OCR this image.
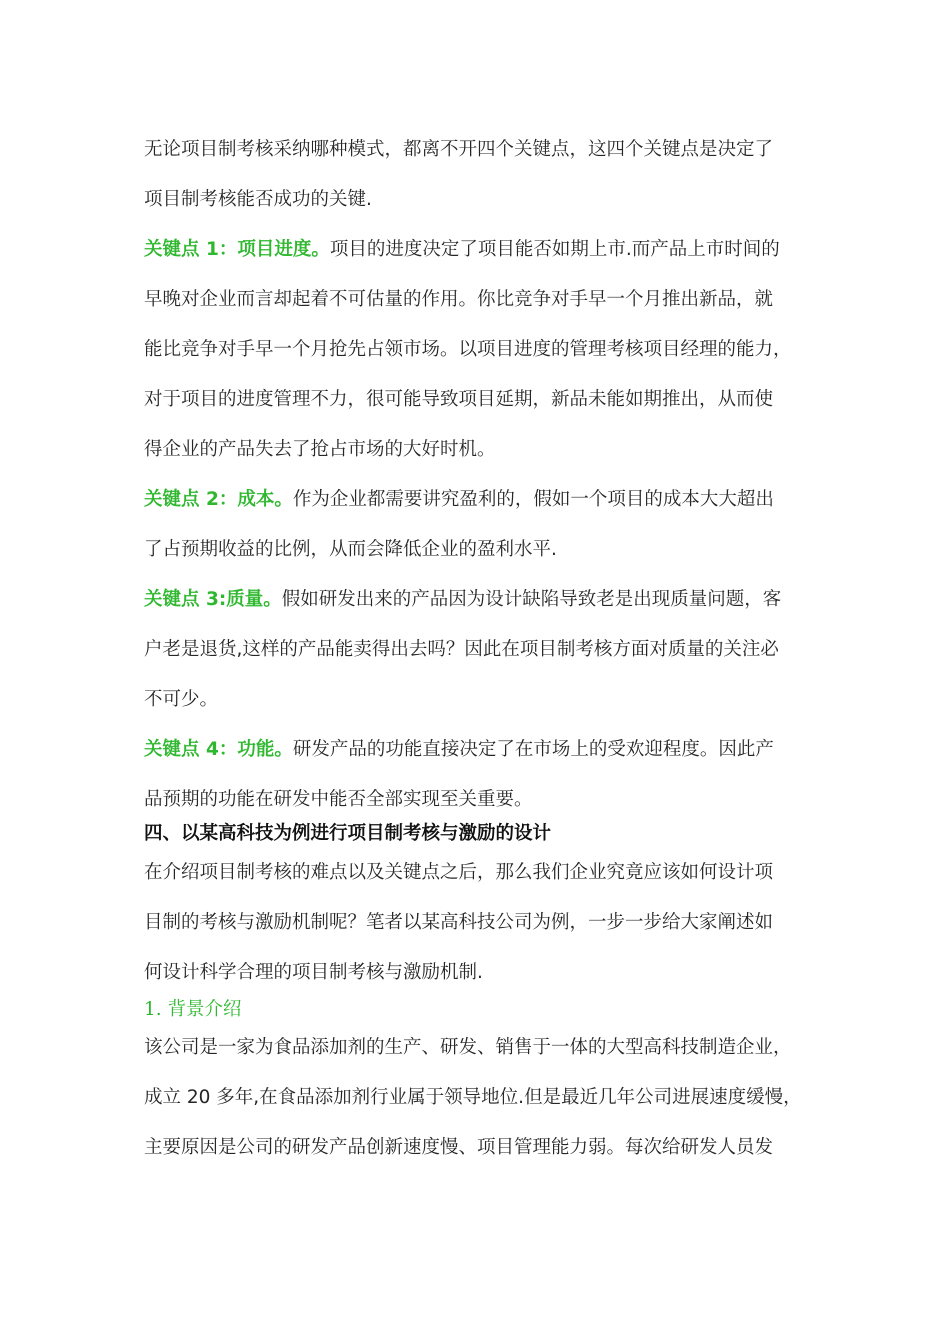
无论项目制考核采纳哪种模式，都离不开四个关键点，这四个关键点是决定了

项目制考核能否成功的关键.

关键点 1：项目进度。项目的进度决定了项目能否如期上市.而产品上市时间的

早晚对企业而言却起着不可估量的作用。你比竞争对手早一个月推出新品，就

能比竞争对手早一个月抢先占领市场。以项目进度的管理考核项目经理的能力，

对于项目的进度管理不力，很可能导致项目延期，新品未能如期推出，从而使

得企业的产品失去了抢占市场的大好时机。

关键点 2：成本。作为企业都需要讲究盈利的，假如一个项目的成本大大超出

了占预期收益的比例，从而会降低企业的盈利水平.

关键点 3:质量。假如研发出来的产品因为设计缺陷导致老是出现质量问题，客

户老是退货,这样的产品能卖得出去吗？因此在项目制考核方面对质量的关注必

不可少。

关键点 4：功能。研发产品的功能直接决定了在市场上的受欢迎程度。因此产

品预期的功能在研发中能否全部实现至关重要。

四、以某高科技为例进行项目制考核与激励的设计

在介绍项目制考核的难点以及关键点之后，那么我们企业究竟应该如何设计项

目制的考核与激励机制呢？笔者以某高科技公司为例，一步一步给大家阐述如

何设计科学合理的项目制考核与激励机制.

1. 背景介绍

该公司是一家为食品添加剂的生产、研发、销售于一体的大型高科技制造企业，

成立 20 多年,在食品添加剂行业属于领导地位.但是最近几年公司进展速度缓慢，

主要原因是公司的研发产品创新速度慢、项目管理能力弱。每次给研发人员发
